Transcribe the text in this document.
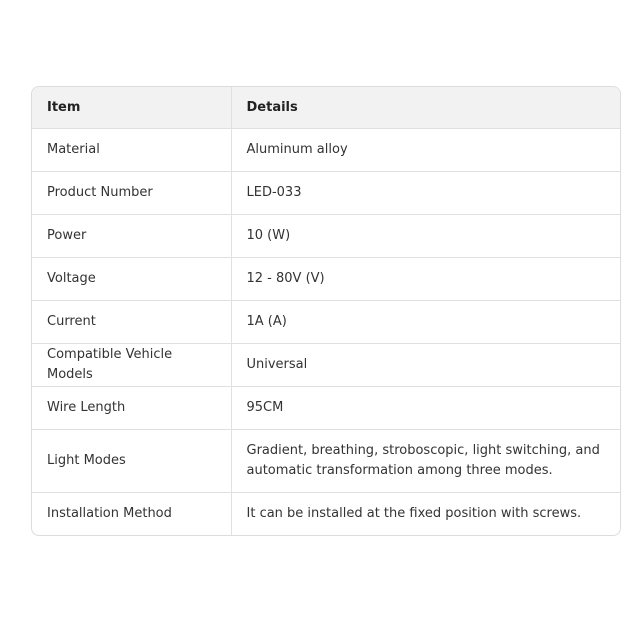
Item	Details
Material	Aluminum alloy
Product Number	LED-033
Power	10 (W)
Voltage	12 - 80V (V)
Current	1A (A)
Compatible Vehicle Models	Universal
Wire Length	95CM
Light Modes	Gradient, breathing, stroboscopic, light switching, and automatic transformation among three modes.
Installation Method	It can be installed at the fixed position with screws.
